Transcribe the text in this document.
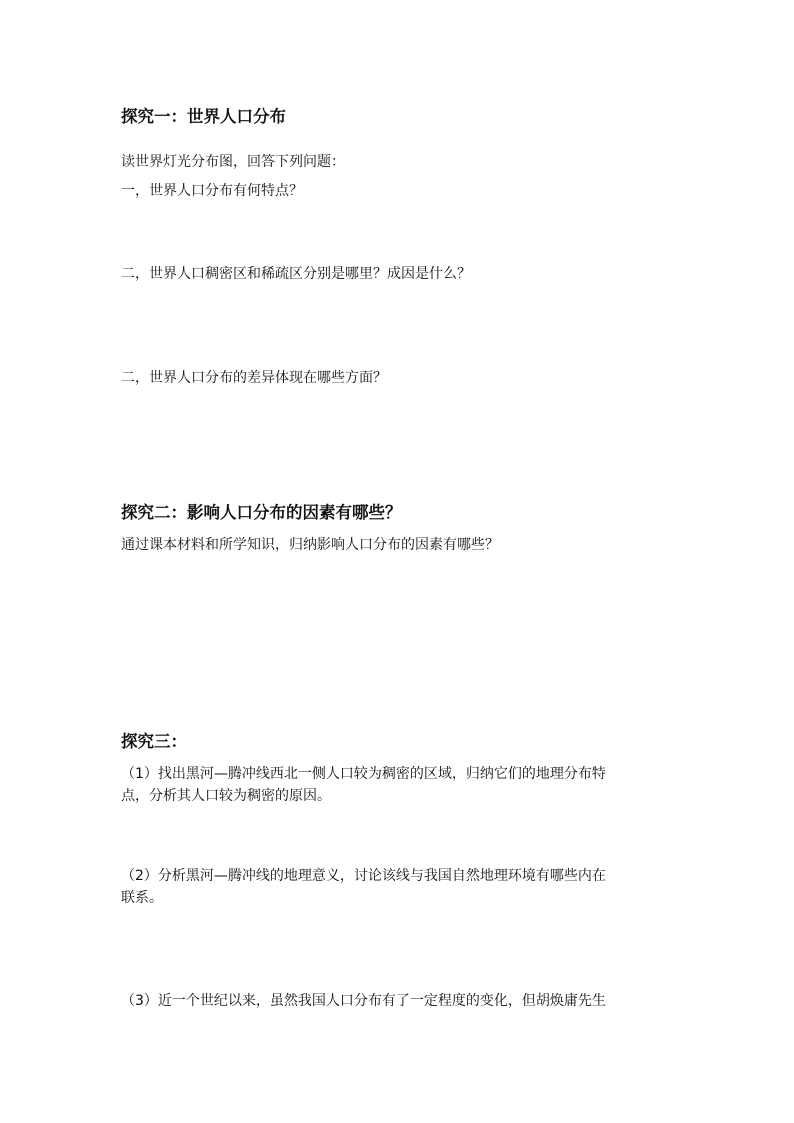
探究一：世界人口分布
读世界灯光分布图，回答下列问题：
一，世界人口分布有何特点？
二，世界人口稠密区和稀疏区分别是哪里？成因是什么？
二，世界人口分布的差异体现在哪些方面？
探究二：影响人口分布的因素有哪些？
通过课本材料和所学知识，归纳影响人口分布的因素有哪些？
探究三：
（1）找出黑河—腾冲线西北一侧人口较为稠密的区域，归纳它们的地理分布特
点，分析其人口较为稠密的原因。
（2）分析黑河—腾冲线的地理意义，讨论该线与我国自然地理环境有哪些内在
联系。
（3）近一个世纪以来，虽然我国人口分布有了一定程度的变化，但胡焕庸先生
